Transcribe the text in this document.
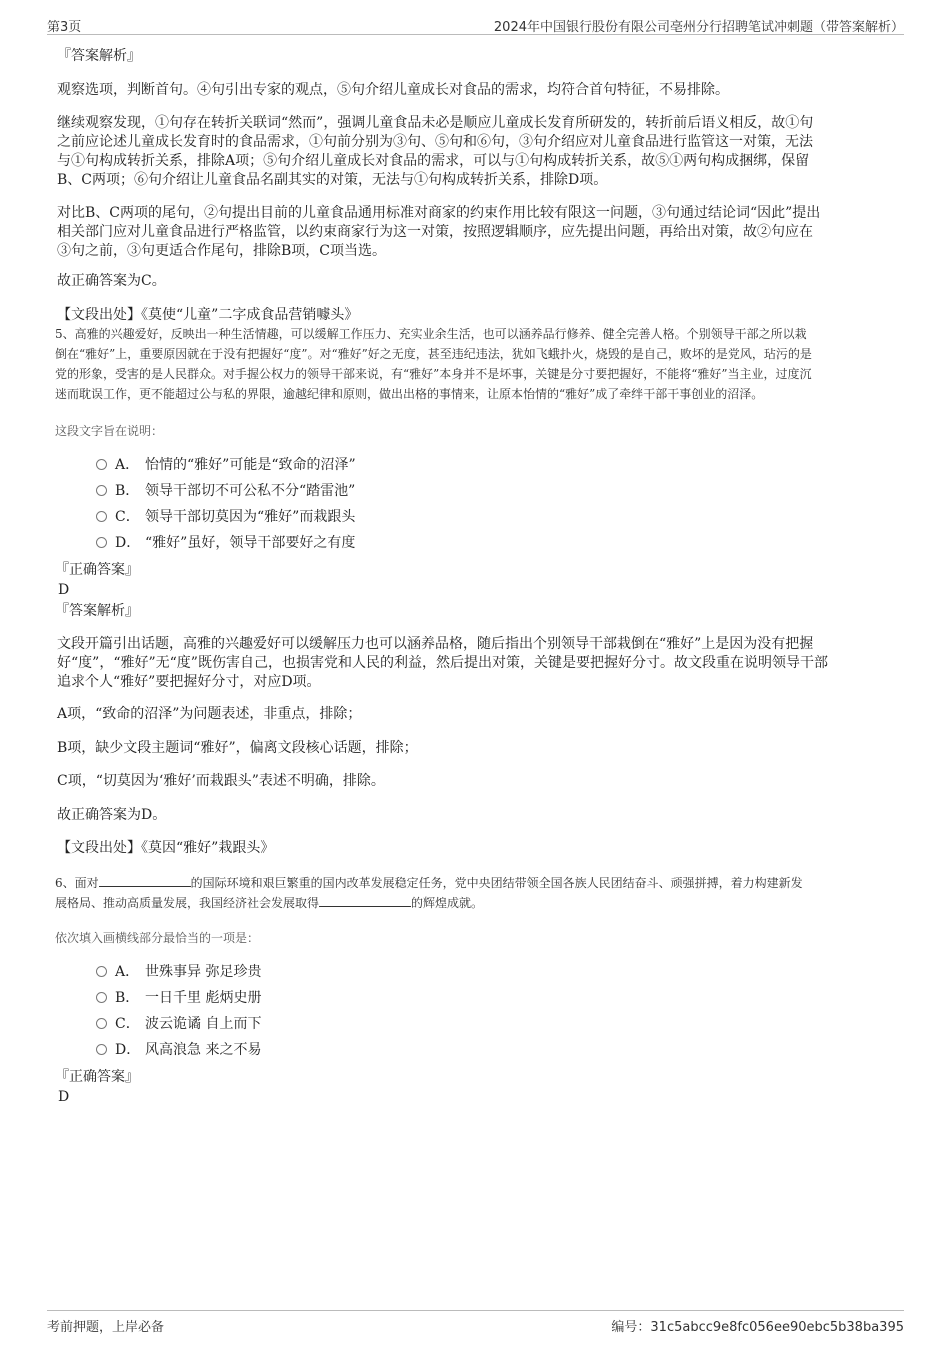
第3页	2024年中国银行股份有限公司亳州分行招聘笔试冲刺题（带答案解析）

『答案解析』

观察选项，判断首句。④句引出专家的观点，⑤句介绍儿童成长对食品的需求，均符合首句特征，不易排除。

继续观察发现，①句存在转折关联词“然而”，强调儿童食品未必是顺应儿童成长发育所研发的，转折前后语义相反，故①句
之前应论述儿童成长发育时的食品需求，①句前分别为③句、⑤句和⑥句，③句介绍应对儿童食品进行监管这一对策，无法
与①句构成转折关系，排除A项；⑤句介绍儿童成长对食品的需求，可以与①句构成转折关系，故⑤①两句构成捆绑，保留
B、C两项；⑥句介绍让儿童食品名副其实的对策，无法与①句构成转折关系，排除D项。
对比B、C两项的尾句，②句提出目前的儿童食品通用标准对商家的约束作用比较有限这一问题，③句通过结论词“因此”提出
相关部门应对儿童食品进行严格监管，以约束商家行为这一对策，按照逻辑顺序，应先提出问题，再给出对策，故②句应在
③句之前，③句更适合作尾句，排除B项，C项当选。

故正确答案为C。

【文段出处】《莫使“儿童”二字成食品营销噱头》

5、高雅的兴趣爱好，反映出一种生活情趣，可以缓解工作压力、充实业余生活，也可以涵养品行修养、健全完善人格。个别领导干部之所以栽
倒在“雅好”上，重要原因就在于没有把握好“度”。对“雅好”好之无度，甚至违纪违法，犹如飞蛾扑火，烧毁的是自己，败坏的是党风，玷污的是
党的形象，受害的是人民群众。对手握公权力的领导干部来说，有“雅好”本身并不是坏事，关键是分寸要把握好，不能将“雅好”当主业，过度沉
迷而耽误工作，更不能超过公与私的界限，逾越纪律和原则，做出出格的事情来，让原本怡情的“雅好”成了牵绊干部干事创业的沼泽。

这段文字旨在说明：

A． 怡情的“雅好”可能是“致命的沼泽”
B． 领导干部切不可公私不分“踏雷池”
C． 领导干部切莫因为“雅好”而栽跟头
D． “雅好”虽好，领导干部要好之有度

『正确答案』

D

『答案解析』

文段开篇引出话题，高雅的兴趣爱好可以缓解压力也可以涵养品格，随后指出个别领导干部栽倒在“雅好”上是因为没有把握
好“度”，“雅好”无“度”既伤害自己，也损害党和人民的利益，然后提出对策，关键是要把握好分寸。故文段重在说明领导干部
追求个人“雅好”要把握好分寸，对应D项。

A项，“致命的沼泽”为问题表述，非重点，排除；

B项，缺少文段主题词“雅好”，偏离文段核心话题，排除；

C项，“切莫因为‘雅好’而栽跟头”表述不明确，排除。

故正确答案为D。

【文段出处】《莫因“雅好”栽跟头》

6、面对	的国际环境和艰巨繁重的国内改革发展稳定任务，党中央团结带领全国各族人民团结奋斗、顽强拼搏，着力构建新发
展格局、推动高质量发展，我国经济社会发展取得	的辉煌成就。

依次填入画横线部分最恰当的一项是：

A． 世殊事异 弥足珍贵
B． 一日千里 彪炳史册
C． 波云诡谲 自上而下
D． 风高浪急 来之不易

『正确答案』

D

考前押题，上岸必备	编号：31c5abcc9e8fc056ee90ebc5b38ba395
